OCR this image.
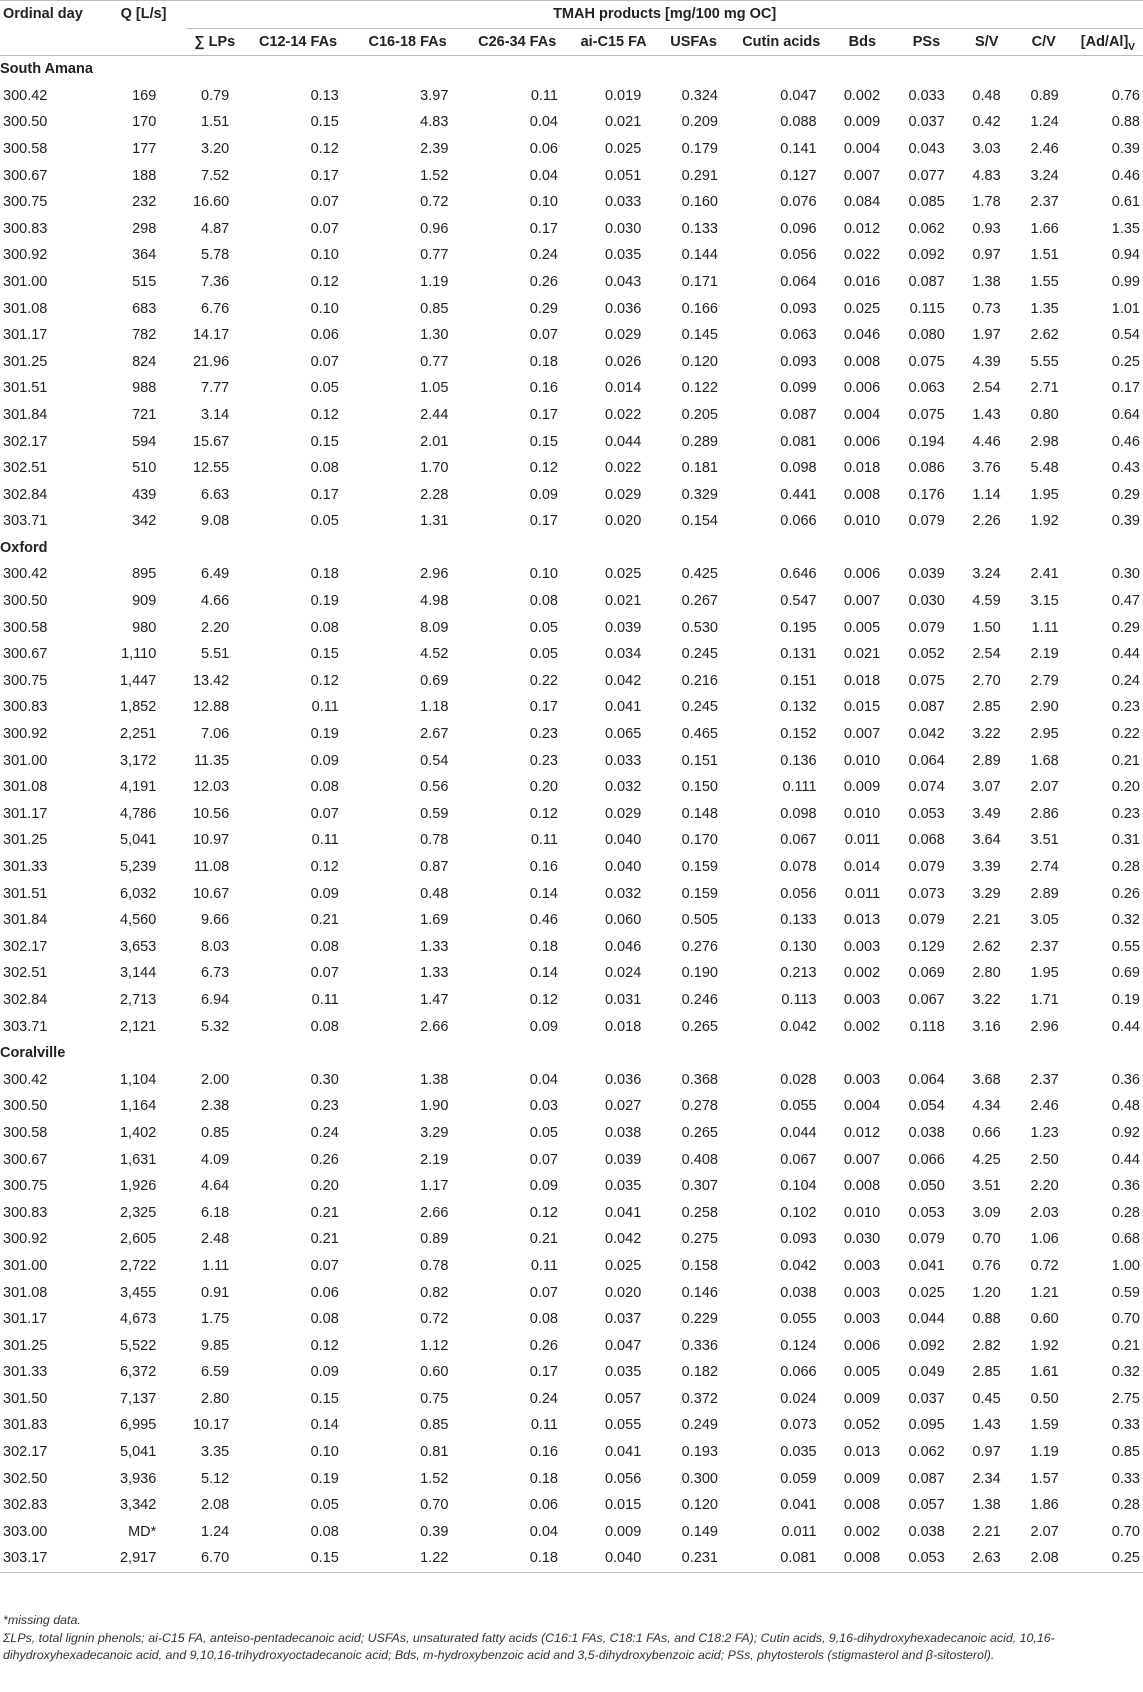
Ordinal day	Q [L/s]	TMAH products [mg/100 mg OC]											
		∑ LPs	C12-14 FAs	C16-18 FAs	C26-34 FAs	ai-C15 FA	USFAs	Cutin acids	Bds	PSs	S/V	C/V	$[Ad/Al]_V$
South Amana													
300.42	169	0.79	0.13	3.97	0.11	0.019	0.324	0.047	0.002	0.033	0.48	0.89	0.76
300.50	170	1.51	0.15	4.83	0.04	0.021	0.209	0.088	0.009	0.037	0.42	1.24	0.88
300.58	177	3.20	0.12	2.39	0.06	0.025	0.179	0.141	0.004	0.043	3.03	2.46	0.39
300.67	188	7.52	0.17	1.52	0.04	0.051	0.291	0.127	0.007	0.077	4.83	3.24	0.46
300.75	232	16.60	0.07	0.72	0.10	0.033	0.160	0.076	0.084	0.085	1.78	2.37	0.61
300.83	298	4.87	0.07	0.96	0.17	0.030	0.133	0.096	0.012	0.062	0.93	1.66	1.35
300.92	364	5.78	0.10	0.77	0.24	0.035	0.144	0.056	0.022	0.092	0.97	1.51	0.94
301.00	515	7.36	0.12	1.19	0.26	0.043	0.171	0.064	0.016	0.087	1.38	1.55	0.99
301.08	683	6.76	0.10	0.85	0.29	0.036	0.166	0.093	0.025	0.115	0.73	1.35	1.01
301.17	782	14.17	0.06	1.30	0.07	0.029	0.145	0.063	0.046	0.080	1.97	2.62	0.54
301.25	824	21.96	0.07	0.77	0.18	0.026	0.120	0.093	0.008	0.075	4.39	5.55	0.25
301.51	988	7.77	0.05	1.05	0.16	0.014	0.122	0.099	0.006	0.063	2.54	2.71	0.17
301.84	721	3.14	0.12	2.44	0.17	0.022	0.205	0.087	0.004	0.075	1.43	0.80	0.64
302.17	594	15.67	0.15	2.01	0.15	0.044	0.289	0.081	0.006	0.194	4.46	2.98	0.46
302.51	510	12.55	0.08	1.70	0.12	0.022	0.181	0.098	0.018	0.086	3.76	5.48	0.43
302.84	439	6.63	0.17	2.28	0.09	0.029	0.329	0.441	0.008	0.176	1.14	1.95	0.29
303.71	342	9.08	0.05	1.31	0.17	0.020	0.154	0.066	0.010	0.079	2.26	1.92	0.39
Oxford													
300.42	895	6.49	0.18	2.96	0.10	0.025	0.425	0.646	0.006	0.039	3.24	2.41	0.30
300.50	909	4.66	0.19	4.98	0.08	0.021	0.267	0.547	0.007	0.030	4.59	3.15	0.47
300.58	980	2.20	0.08	8.09	0.05	0.039	0.530	0.195	0.005	0.079	1.50	1.11	0.29
300.67	1,110	5.51	0.15	4.52	0.05	0.034	0.245	0.131	0.021	0.052	2.54	2.19	0.44
300.75	1,447	13.42	0.12	0.69	0.22	0.042	0.216	0.151	0.018	0.075	2.70	2.79	0.24
300.83	1,852	12.88	0.11	1.18	0.17	0.041	0.245	0.132	0.015	0.087	2.85	2.90	0.23
300.92	2,251	7.06	0.19	2.67	0.23	0.065	0.465	0.152	0.007	0.042	3.22	2.95	0.22
301.00	3,172	11.35	0.09	0.54	0.23	0.033	0.151	0.136	0.010	0.064	2.89	1.68	0.21
301.08	4,191	12.03	0.08	0.56	0.20	0.032	0.150	0.111	0.009	0.074	3.07	2.07	0.20
301.17	4,786	10.56	0.07	0.59	0.12	0.029	0.148	0.098	0.010	0.053	3.49	2.86	0.23
301.25	5,041	10.97	0.11	0.78	0.11	0.040	0.170	0.067	0.011	0.068	3.64	3.51	0.31
301.33	5,239	11.08	0.12	0.87	0.16	0.040	0.159	0.078	0.014	0.079	3.39	2.74	0.28
301.51	6,032	10.67	0.09	0.48	0.14	0.032	0.159	0.056	0.011	0.073	3.29	2.89	0.26
301.84	4,560	9.66	0.21	1.69	0.46	0.060	0.505	0.133	0.013	0.079	2.21	3.05	0.32
302.17	3,653	8.03	0.08	1.33	0.18	0.046	0.276	0.130	0.003	0.129	2.62	2.37	0.55
302.51	3,144	6.73	0.07	1.33	0.14	0.024	0.190	0.213	0.002	0.069	2.80	1.95	0.69
302.84	2,713	6.94	0.11	1.47	0.12	0.031	0.246	0.113	0.003	0.067	3.22	1.71	0.19
303.71	2,121	5.32	0.08	2.66	0.09	0.018	0.265	0.042	0.002	0.118	3.16	2.96	0.44
Coralville													
300.42	1,104	2.00	0.30	1.38	0.04	0.036	0.368	0.028	0.003	0.064	3.68	2.37	0.36
300.50	1,164	2.38	0.23	1.90	0.03	0.027	0.278	0.055	0.004	0.054	4.34	2.46	0.48
300.58	1,402	0.85	0.24	3.29	0.05	0.038	0.265	0.044	0.012	0.038	0.66	1.23	0.92
300.67	1,631	4.09	0.26	2.19	0.07	0.039	0.408	0.067	0.007	0.066	4.25	2.50	0.44
300.75	1,926	4.64	0.20	1.17	0.09	0.035	0.307	0.104	0.008	0.050	3.51	2.20	0.36
300.83	2,325	6.18	0.21	2.66	0.12	0.041	0.258	0.102	0.010	0.053	3.09	2.03	0.28
300.92	2,605	2.48	0.21	0.89	0.21	0.042	0.275	0.093	0.030	0.079	0.70	1.06	0.68
301.00	2,722	1.11	0.07	0.78	0.11	0.025	0.158	0.042	0.003	0.041	0.76	0.72	1.00
301.08	3,455	0.91	0.06	0.82	0.07	0.020	0.146	0.038	0.003	0.025	1.20	1.21	0.59
301.17	4,673	1.75	0.08	0.72	0.08	0.037	0.229	0.055	0.003	0.044	0.88	0.60	0.70
301.25	5,522	9.85	0.12	1.12	0.26	0.047	0.336	0.124	0.006	0.092	2.82	1.92	0.21
301.33	6,372	6.59	0.09	0.60	0.17	0.035	0.182	0.066	0.005	0.049	2.85	1.61	0.32
301.50	7,137	2.80	0.15	0.75	0.24	0.057	0.372	0.024	0.009	0.037	0.45	0.50	2.75
301.83	6,995	10.17	0.14	0.85	0.11	0.055	0.249	0.073	0.052	0.095	1.43	1.59	0.33
302.17	5,041	3.35	0.10	0.81	0.16	0.041	0.193	0.035	0.013	0.062	0.97	1.19	0.85
302.50	3,936	5.12	0.19	1.52	0.18	0.056	0.300	0.059	0.009	0.087	2.34	1.57	0.33
302.83	3,342	2.08	0.05	0.70	0.06	0.015	0.120	0.041	0.008	0.057	1.38	1.86	0.28
303.00	MD*	1.24	0.08	0.39	0.04	0.009	0.149	0.011	0.002	0.038	2.21	2.07	0.70
303.17	2,917	6.70	0.15	1.22	0.18	0.040	0.231	0.081	0.008	0.053	2.63	2.08	0.25

*missing data.

ΣLPs, total lignin phenols; ai-C15 FA, anteiso-pentadecanoic acid; USFAs, unsaturated fatty acids (C16:1 FAs, C18:1 FAs, and C18:2 FA); Cutin acids, 9,16-dihydroxyhexadecanoic acid, 10,16-dihydroxyhexadecanoic acid, and 9,10,16-trihydroxyoctadecanoic acid; Bds, m-hydroxybenzoic acid and 3,5-dihydroxybenzoic acid; PSs, phytosterols (stigmasterol and β-sitosterol).
